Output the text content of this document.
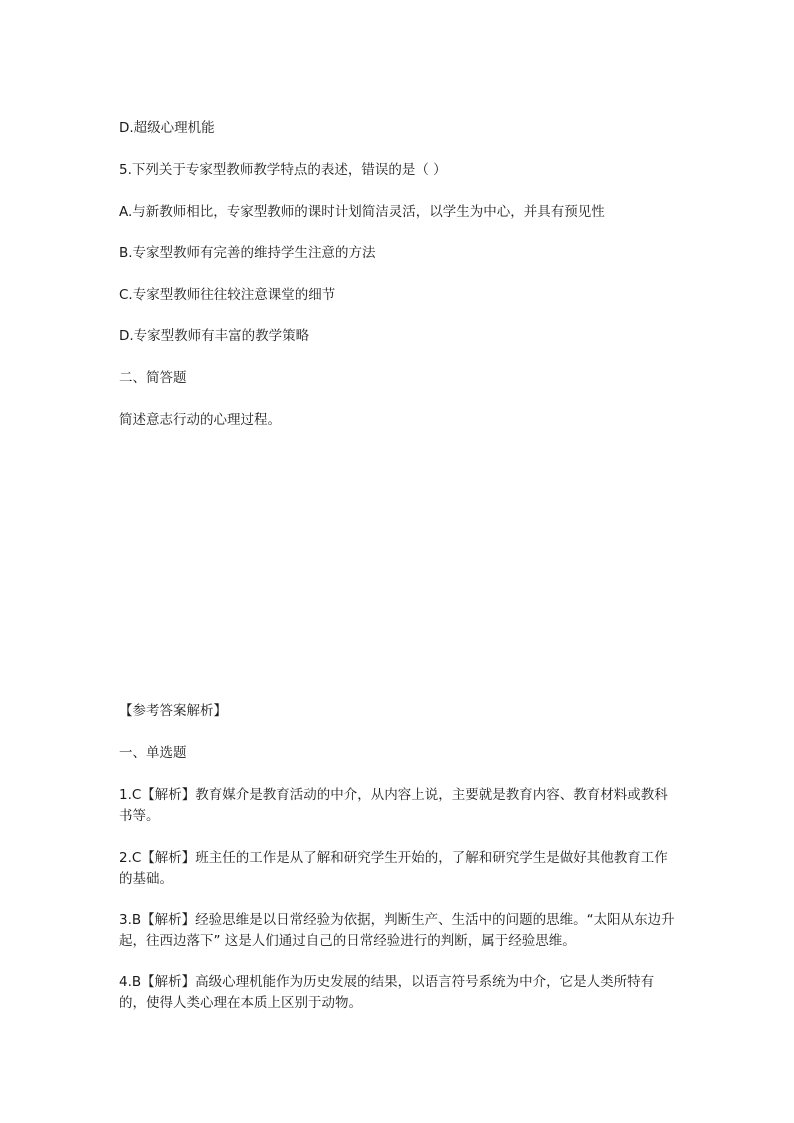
D.超级心理机能
5.下列关于专家型教师教学特点的表述，错误的是（ ）
A.与新教师相比，专家型教师的课时计划简洁灵活，以学生为中心，并具有预见性
B.专家型教师有完善的维持学生注意的方法
C.专家型教师往往较注意课堂的细节
D.专家型教师有丰富的教学策略
二、简答题
简述意志行动的心理过程。
【参考答案解析】
一、单选题
1.C【解析】教育媒介是教育活动的中介，从内容上说，主要就是教育内容、教育材料或教科书等。
2.C【解析】班主任的工作是从了解和研究学生开始的，了解和研究学生是做好其他教育工作的基础。
3.B【解析】经验思维是以日常经验为依据，判断生产、生活中的问题的思维。“太阳从东边升起，往西边落下” 这是人们通过自己的日常经验进行的判断，属于经验思维。
4.B【解析】高级心理机能作为历史发展的结果，以语言符号系统为中介，它是人类所特有的，使得人类心理在本质上区别于动物。
